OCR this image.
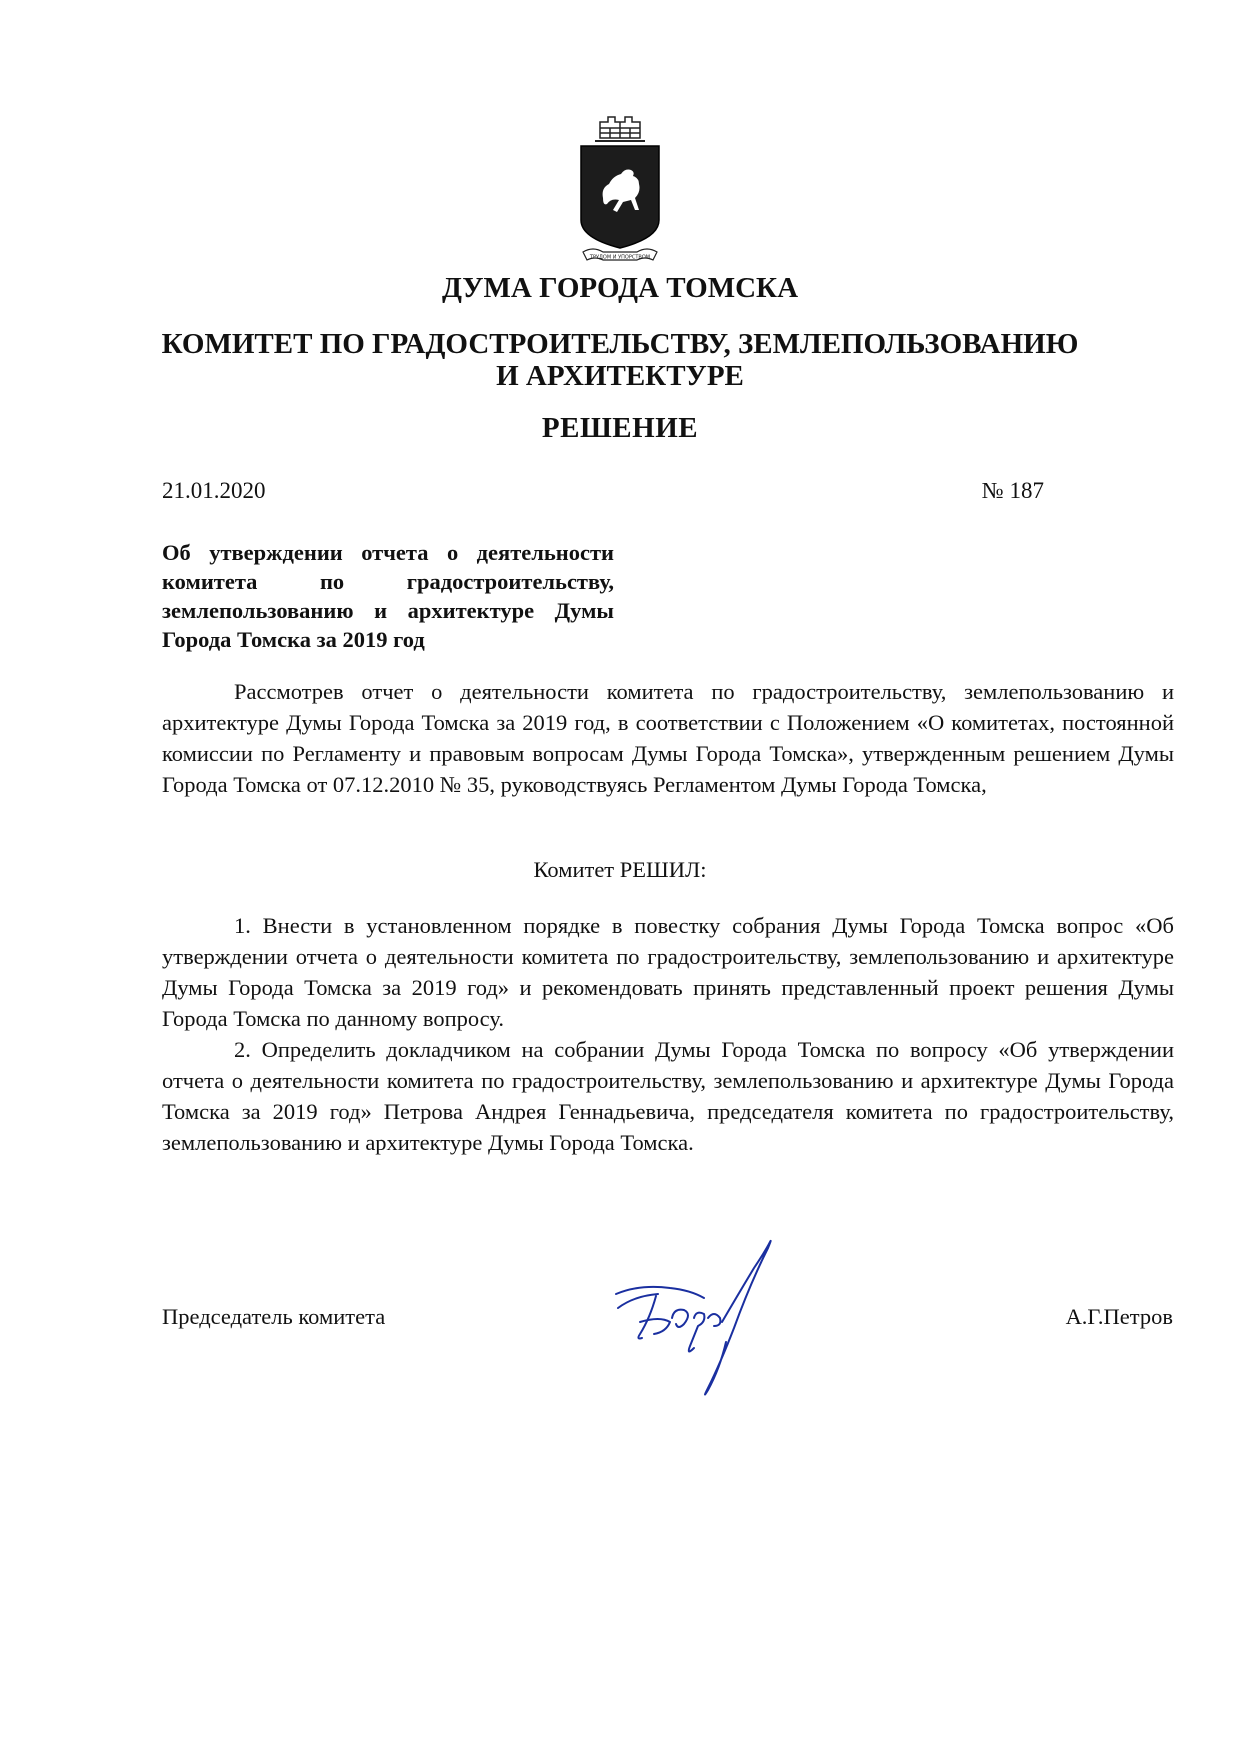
ТРУДОМ И УПОРСТВОМ
ДУМА ГОРОДА ТОМСКА
КОМИТЕТ ПО ГРАДОСТРОИТЕЛЬСТВУ, ЗЕМЛЕПОЛЬЗОВАНИЮ
И АРХИТЕКТУРЕ
РЕШЕНИЕ
21.01.2020	№ 187
Об утверждении отчета о деятельности комитета по градостроительству, землепользованию и архитектуре Думы Города Томска за 2019 год

Рассмотрев отчет о деятельности комитета по градостроительству, землепользованию и архитектуре Думы Города Томска за 2019 год, в соответствии с Положением «О комитетах, постоянной комиссии по Регламенту и правовым вопросам Думы Города Томска», утвержденным решением Думы Города Томска от 07.12.2010 № 35, руководствуясь Регламентом Думы Города Томска,

Комитет РЕШИЛ:

1. Внести в установленном порядке в повестку собрания Думы Города Томска вопрос «Об утверждении отчета о деятельности комитета по градостроительству, землепользованию и архитектуре Думы Города Томска за 2019 год» и рекомендовать принять представленный проект решения Думы Города Томска по данному вопросу.

2. Определить докладчиком на собрании Думы Города Томска по вопросу «Об утверждении отчета о деятельности комитета по градостроительству, землепользованию и архитектуре Думы Города Томска за 2019 год» Петрова Андрея Геннадьевича, председателя комитета по градостроительству, землепользованию и архитектуре Думы Города Томска.

Председатель комитета	А.Г.Петров
